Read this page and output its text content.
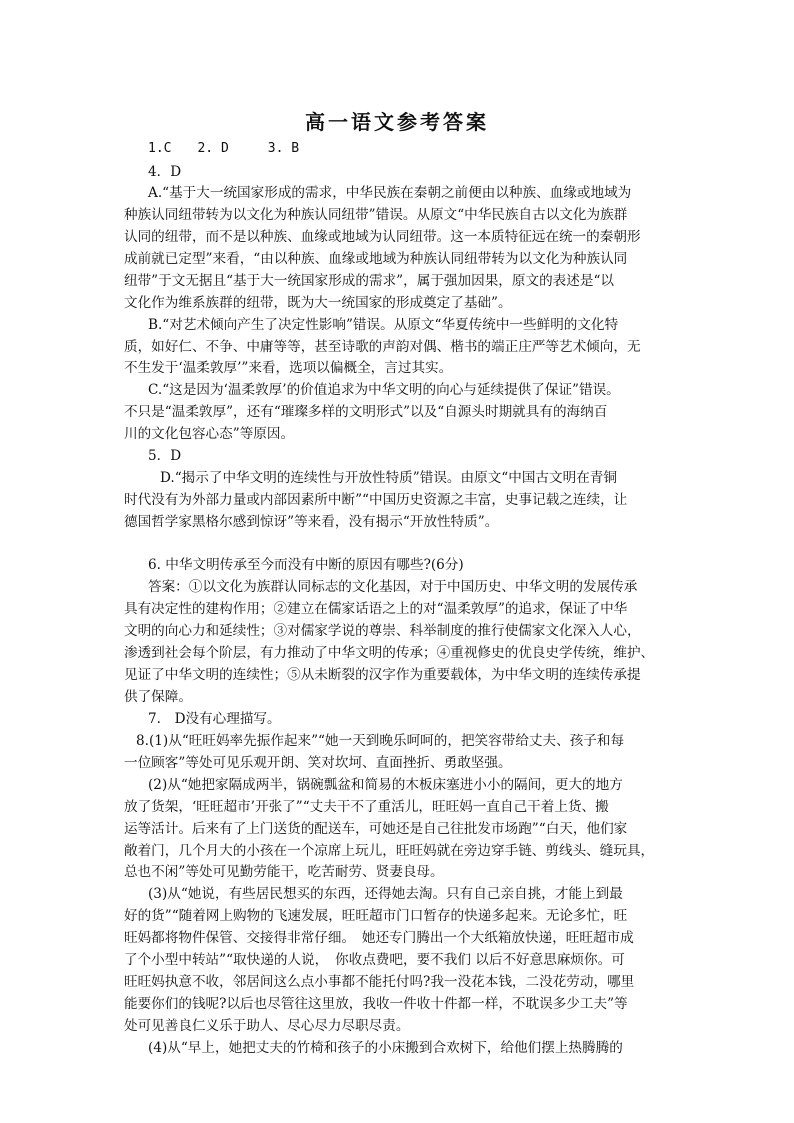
高一语文参考答案
1.C　　2. D　　　3. B
4．D
A.“基于大一统国家形成的需求，中华民族在秦朝之前便由以种族、血缘或地域为
种族认同纽带转为以文化为种族认同纽带”错误。从原文“中华民族自古以文化为族群
认同的纽带，而不是以种族、血缘或地域为认同纽带。这一本质特征远在统一的秦朝形
成前就已定型”来看，“由以种族、血缘或地域为种族认同纽带转为以文化为种族认同
纽带”于文无据且“基于大一统国家形成的需求”，属于强加因果，原文的表述是“以
文化作为维系族群的纽带，既为大一统国家的形成奠定了基础”。
B.“对艺术倾向产生了决定性影响”错误。从原文“华夏传统中一些鲜明的文化特
质，如好仁、不争、中庸等等，甚至诗歌的声韵对偶、楷书的端正庄严等艺术倾向，无
不生发于‘温柔敦厚’”来看，选项以偏概全，言过其实。
C.“这是因为‘温柔敦厚’的价值追求为中华文明的向心与延续提供了保证”错误。
不只是“温柔敦厚”，还有“璀璨多样的文明形式”以及“自源头时期就具有的海纳百
川的文化包容心态”等原因。
5．D
D.“揭示了中华文明的连续性与开放性特质”错误。由原文“中国古文明在青铜
时代没有为外部力量或内部因素所中断”“中国历史资源之丰富，史事记载之连续，让
德国哲学家黑格尔感到惊讶”等来看，没有揭示“开放性特质”。
6. 中华文明传承至今而没有中断的原因有哪些?(6分)
答案：①以文化为族群认同标志的文化基因，对于中国历史、中华文明的发展传承
具有决定性的建构作用；②建立在儒家话语之上的对“温柔敦厚”的追求，保证了中华
文明的向心力和延续性；③对儒家学说的尊崇、科举制度的推行使儒家文化深入人心，
渗透到社会每个阶层，有力推动了中华文明的传承；④重视修史的优良史学传统，维护、
见证了中华文明的连续性；⑤从未断裂的汉字作为重要载体，为中华文明的连续传承提
供了保障。
7.　D没有心理描写。
8.(1)从“旺旺妈率先振作起来”“她一天到晚乐呵呵的，把笑容带给丈夫、孩子和每
一位顾客”等处可见乐观开朗、笑对坎坷、直面挫折、勇敢坚强。
(2)从“她把家隔成两半，锅碗瓢盆和简易的木板床塞进小小的隔间，更大的地方
放了货架，‘旺旺超市’开张了”“丈夫干不了重活儿，旺旺妈一直自己干着上货、搬
运等活计。后来有了上门送货的配送车，可她还是自己往批发市场跑”“白天，他们家
敞着门，几个月大的小孩在一个凉席上玩儿，旺旺妈就在旁边穿手链、剪线头、缝玩具，
总也不闲”等处可见勤劳能干，吃苦耐劳、贤妻良母。
(3)从“她说，有些居民想买的东西，还得她去淘。只有自己亲自挑，才能上到最
好的货”“随着网上购物的飞速发展，旺旺超市门口暂存的快递多起来。无论多忙，旺
旺妈都将物件保管、交接得非常仔细。　她还专门腾出一个大纸箱放快递，旺旺超市成
了个小型中转站”“取快递的人说，　你收点费吧，要不我们 以后不好意思麻烦你。可
旺旺妈执意不收，邻居间这么点小事都不能托付吗?我一没花本钱，二没花劳动，哪里
能要你们的钱呢?以后也尽管往这里放，我收一件收十件都一样，不耽误多少工夫”等
处可见善良仁义乐于助人、尽心尽力尽职尽责。
(4)从“早上，她把丈夫的竹椅和孩子的小床搬到合欢树下，给他们摆上热腾腾的
